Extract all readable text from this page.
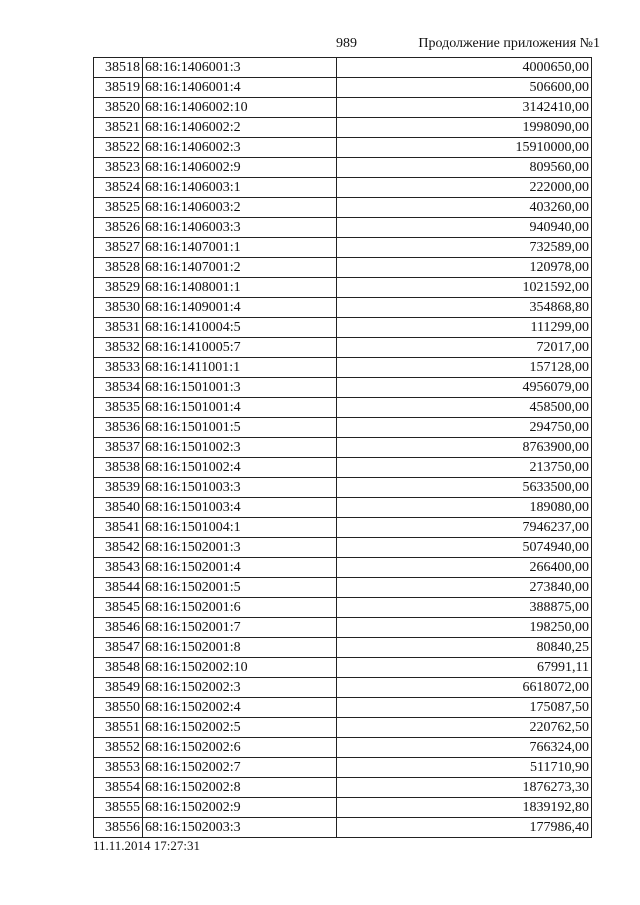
989	Продолжение приложения №1
38518	68:16:1406001:3	4000650,00
38519	68:16:1406001:4	506600,00
38520	68:16:1406002:10	3142410,00
38521	68:16:1406002:2	1998090,00
38522	68:16:1406002:3	15910000,00
38523	68:16:1406002:9	809560,00
38524	68:16:1406003:1	222000,00
38525	68:16:1406003:2	403260,00
38526	68:16:1406003:3	940940,00
38527	68:16:1407001:1	732589,00
38528	68:16:1407001:2	120978,00
38529	68:16:1408001:1	1021592,00
38530	68:16:1409001:4	354868,80
38531	68:16:1410004:5	111299,00
38532	68:16:1410005:7	72017,00
38533	68:16:1411001:1	157128,00
38534	68:16:1501001:3	4956079,00
38535	68:16:1501001:4	458500,00
38536	68:16:1501001:5	294750,00
38537	68:16:1501002:3	8763900,00
38538	68:16:1501002:4	213750,00
38539	68:16:1501003:3	5633500,00
38540	68:16:1501003:4	189080,00
38541	68:16:1501004:1	7946237,00
38542	68:16:1502001:3	5074940,00
38543	68:16:1502001:4	266400,00
38544	68:16:1502001:5	273840,00
38545	68:16:1502001:6	388875,00
38546	68:16:1502001:7	198250,00
38547	68:16:1502001:8	80840,25
38548	68:16:1502002:10	67991,11
38549	68:16:1502002:3	6618072,00
38550	68:16:1502002:4	175087,50
38551	68:16:1502002:5	220762,50
38552	68:16:1502002:6	766324,00
38553	68:16:1502002:7	511710,90
38554	68:16:1502002:8	1876273,30
38555	68:16:1502002:9	1839192,80
38556	68:16:1502003:3	177986,40
11.11.2014 17:27:31
